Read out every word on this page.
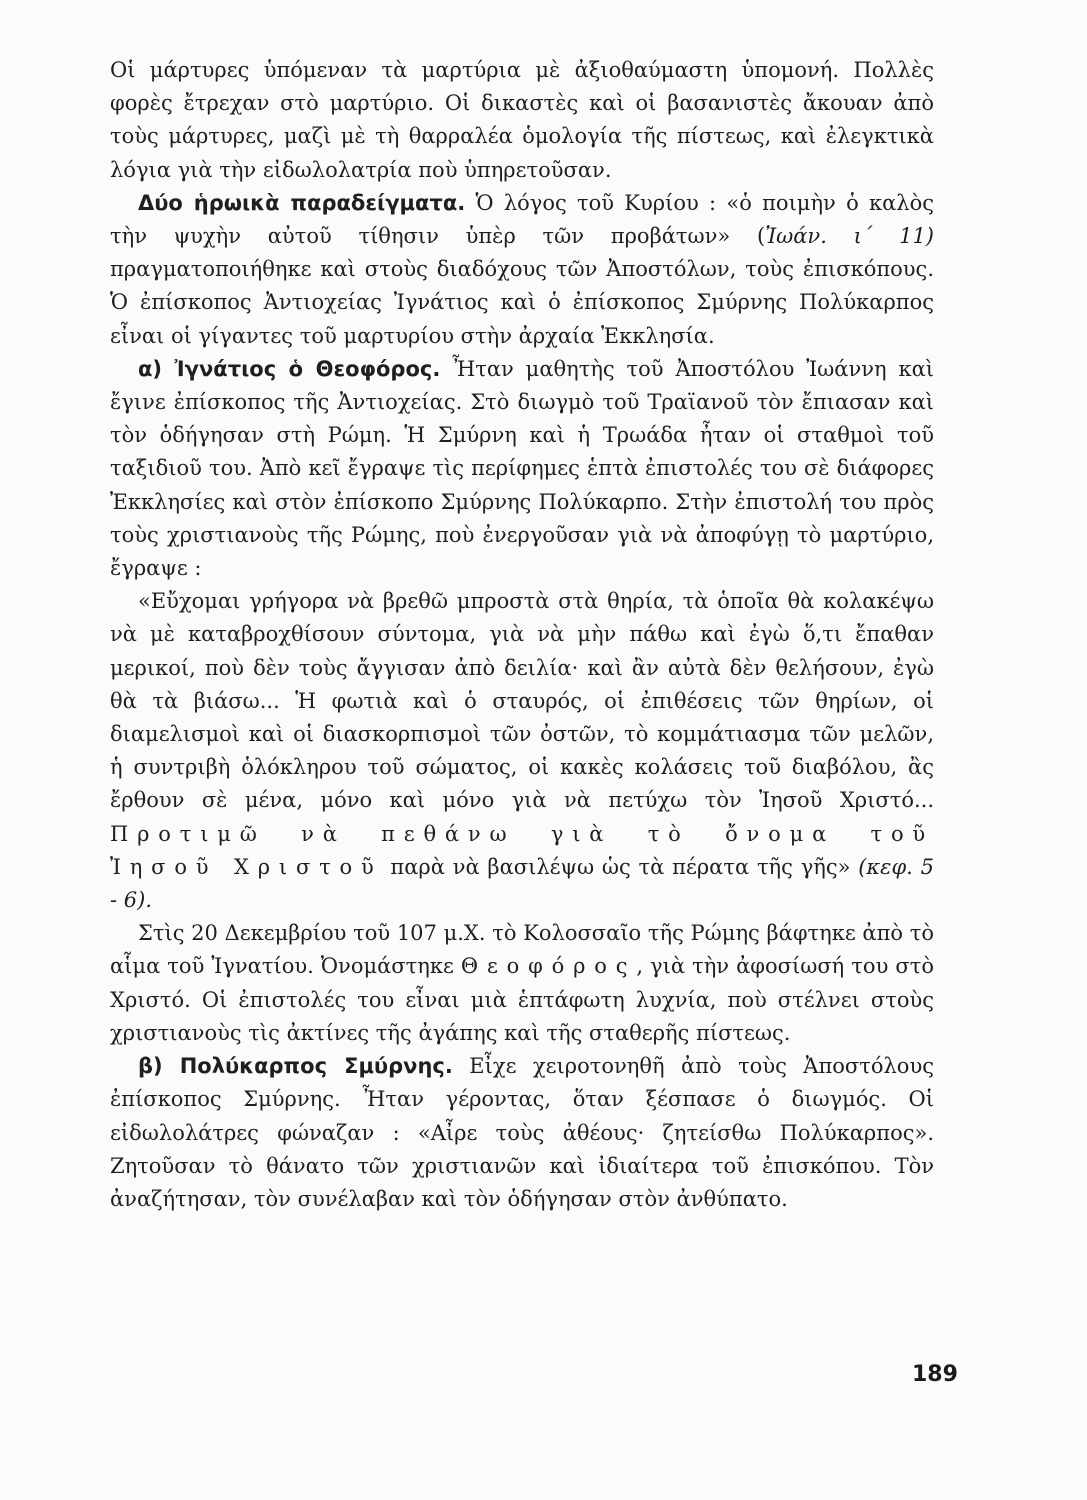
Οἱ μάρτυρες ὑπόμεναν τὰ μαρτύρια μὲ ἀξιοθαύμαστη ὑπομονή. Πολλὲς φορὲς ἔτρεχαν στὸ μαρτύριο. Οἱ δικαστὲς καὶ οἱ βασανιστὲς ἄκουαν ἀπὸ τοὺς μάρτυρες, μαζὶ μὲ τὴ θαρραλέα ὁμολογία τῆς πίστεως, καὶ ἐλεγκτικὰ λόγια γιὰ τὴν εἰδωλολατρία ποὺ ὑπηρετοῦσαν.

Δύο ἡρωικὰ παραδείγματα. Ὁ λόγος τοῦ Κυρίου : «ὁ ποιμὴν ὁ καλὸς τὴν ψυχὴν αὐτοῦ τίθησιν ὑπὲρ τῶν προβάτων» (Ἰωάν. ι´ 11) πραγματοποιήθηκε καὶ στοὺς διαδόχους τῶν Ἀποστόλων, τοὺς ἐπισκόπους. Ὁ ἐπίσκοπος Ἀντιοχείας Ἰγνάτιος καὶ ὁ ἐπίσκοπος Σμύρνης Πολύκαρπος εἶναι οἱ γίγαντες τοῦ μαρτυρίου στὴν ἀρχαία Ἐκκλησία.

α) Ἰγνάτιος ὁ Θεοφόρος. Ἦταν μαθητὴς τοῦ Ἀποστόλου Ἰωάννη καὶ ἔγινε ἐπίσκοπος τῆς Ἀντιοχείας. Στὸ διωγμὸ τοῦ Τραϊανοῦ τὸν ἔπιασαν καὶ τὸν ὁδήγησαν στὴ Ρώμη. Ἡ Σμύρνη καὶ ἡ Τρωάδα ἦταν οἱ σταθμοὶ τοῦ ταξιδιοῦ του. Ἀπὸ κεῖ ἔγραψε τὶς περίφημες ἑπτὰ ἐπιστολές του σὲ διάφορες Ἐκκλησίες καὶ στὸν ἐπίσκοπο Σμύρνης Πολύκαρπο. Στὴν ἐπιστολή του πρὸς τοὺς χριστιανοὺς τῆς Ρώμης, ποὺ ἐνεργοῦσαν γιὰ νὰ ἀποφύγῃ τὸ μαρτύριο, ἔγραψε :

«Εὔχομαι γρήγορα νὰ βρεθῶ μπροστὰ στὰ θηρία, τὰ ὁποῖα θὰ κολακέψω νὰ μὲ καταβροχθίσουν σύντομα, γιὰ νὰ μὴν πάθω καὶ ἐγὼ ὅ,τι ἔπαθαν μερικοί, ποὺ δὲν τοὺς ἄγγισαν ἀπὸ δειλία· καὶ ἂν αὐτὰ δὲν θελήσουν, ἐγὼ θὰ τὰ βιάσω... Ἡ φωτιὰ καὶ ὁ σταυρός, οἱ ἐπιθέσεις τῶν θηρίων, οἱ διαμελισμοὶ καὶ οἱ διασκορπισμοὶ τῶν ὀστῶν, τὸ κομμάτιασμα τῶν μελῶν, ἡ συντριβὴ ὁλόκληρου τοῦ σώματος, οἱ κακὲς κολάσεις τοῦ διαβόλου, ἂς ἔρθουν σὲ μένα, μόνο καὶ μόνο γιὰ νὰ πετύχω τὸν Ἰησοῦ Χριστό... Προτιμῶ νὰ πεθάνω γιὰ τὸ ὄνομα τοῦ Ἰησοῦ Χριστοῦ παρὰ νὰ βασιλέψω ὡς τὰ πέρατα τῆς γῆς» (κεφ. 5 - 6).

Στὶς 20 Δεκεμβρίου τοῦ 107 μ.Χ. τὸ Κολοσσαῖο τῆς Ρώμης βάφτηκε ἀπὸ τὸ αἷμα τοῦ Ἰγνατίου. Ὀνομάστηκε Θεοφόρος, γιὰ τὴν ἀφοσίωσή του στὸ Χριστό. Οἱ ἐπιστολές του εἶναι μιὰ ἑπτάφωτη λυχνία, ποὺ στέλνει στοὺς χριστιανοὺς τὶς ἀκτίνες τῆς ἀγάπης καὶ τῆς σταθερῆς πίστεως.

β) Πολύκαρπος Σμύρνης. Εἶχε χειροτονηθῆ ἀπὸ τοὺς Ἀποστόλους ἐπίσκοπος Σμύρνης. Ἦταν γέροντας, ὅταν ξέσπασε ὁ διωγμός. Οἱ εἰδωλολάτρες φώναζαν : «Αἶρε τοὺς ἀθέους· ζητείσθω Πολύκαρπος». Ζητοῦσαν τὸ θάνατο τῶν χριστιανῶν καὶ ἰδιαίτερα τοῦ ἐπισκόπου. Τὸν ἀναζήτησαν, τὸν συνέλαβαν καὶ τὸν ὁδήγησαν στὸν ἀνθύπατο.

189
